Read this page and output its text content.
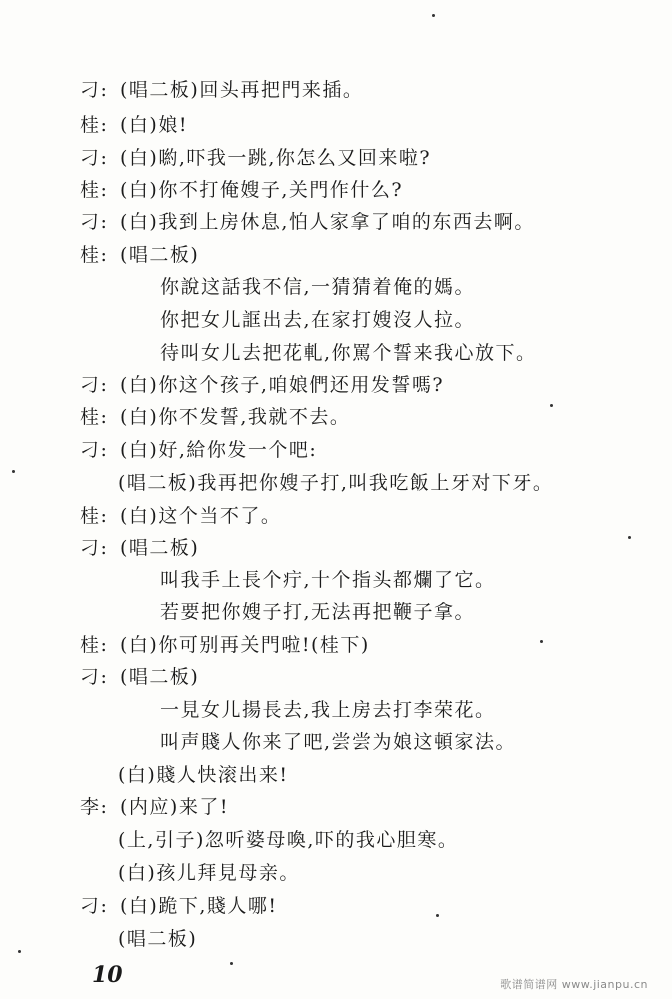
刁: (唱二板)回头再把門来插。
桂: (白)娘!
刁: (白)喲,吓我一跳,你怎么又回来啦?
桂: (白)你不打俺嫂子,关門作什么?
刁: (白)我到上房休息,怕人家拿了咱的东西去啊。
桂: (唱二板)
你說这話我不信,一猜猜着俺的媽。
你把女儿誆出去,在家打嫂沒人拉。
待叫女儿去把花軋,你罵个誓来我心放下。
刁: (白)你这个孩子,咱娘們还用发誓嗎?
桂: (白)你不发誓,我就不去。
刁: (白)好,給你发一个吧:
(唱二板)我再把你嫂子打,叫我吃飯上牙对下牙。
桂: (白)这个当不了。
刁: (唱二板)
叫我手上長个疔,十个指头都爛了它。
若要把你嫂子打,无法再把鞭子拿。
桂: (白)你可别再关門啦!(桂下)
刁: (唱二板)
一見女儿揚長去,我上房去打李荣花。
叫声賤人你来了吧,尝尝为娘这頓家法。
(白)賤人快滚出来!
李: (内应)来了!
(上,引子)忽听婆母喚,吓的我心胆寒。
(白)孩儿拜見母亲。
刁: (白)跪下,賤人哪!
(唱二板)
10	歌谱简谱网 www.jianpu.cn
